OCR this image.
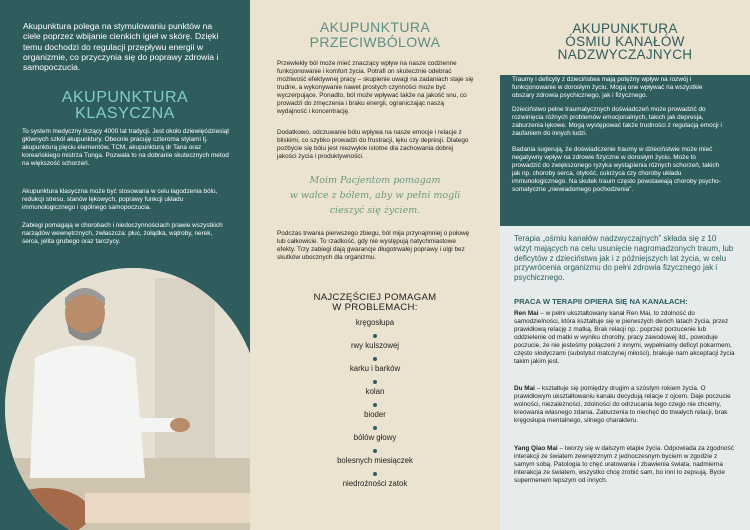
Akupunktura polega na stymulowaniu punktów na ciele poprzez wbijanie cienkich igieł w skórę. Dzięki temu dochodzi do regulacji przepływu energii w organizmie, co przyczynia się do poprawy zdrowia i samopoczucia.

AKUPUNKTURA
KLASYCZNA

To system medyczny liczący 4000 lat tradycji. Jest około dziewięćdziesiąt głównych szkół akupunktury. Obecnie pracuję czteroma stylami tj. akupunkturą pięciu elementów, TCM, akupunkturą dr Tana oraz koreańskiego mistrza Tunga. Pozwala to na dobranie skutecznych metod na większość schorzeń.

Akupunktura klasyczna może być stosowana w celu łagodzenia bólu, redukcji stresu, stanów lękowych, poprawy funkcji układu immunologicznego i ogólnego samopoczucia.

Zabiegi pomagają w chorobach i niedoczynnościach prawie wszystkich narządów wewnętrznych, zwłaszcza: płuc, żołądka, wątroby, nerek, serca, jelita grubego oraz tarczycy.

AKUPUNKTURA
PRZECIWBÓLOWA

Przewlekły ból może mieć znaczący wpływ na nasze codzienne funkcjonowanie i komfort życia. Potrafi on skutecznie odebrać możliwość efektywnej pracy – skupienie uwagi na zadaniach staje się trudne, a wykonywanie nawet prostych czynności może być wyczerpujące. Ponadto, ból może wpływać także na jakość snu, co prowadzi do zmęczenia i braku energii, ograniczając naszą wydajność i koncentrację.

Dodatkowo, odczuwanie bólu wpływa na nasze emocje i relacje z bliskimi, co szybko prowadzi do frustracji, lęku czy depresji. Dlatego pozbycie się bólu jest niezwykle istotne dla zachowania dobrej jakości życia i produktywności.

Moim Pacjentom pomagam
w walce z bólem, aby w pełni mogli
cieszyć się życiem.

Podczas trwania pierwszego zbiegu, ból mija przynajmniej o połowę lub całkowicie. To rzadkość, gdy nie występują natychmiastowe efekty. Trzy zabiegi dają gwarancje długotrwałej poprawy i ulgi bez skutków ubocznych dla organizmu.

NAJCZĘŚCIEJ POMAGAM
W PROBLEMACH:
kręgosłupa
rwy kulszowej
karku i barków
kolan
bioder
bólów głowy
bolesnych miesiączek
niedrożności zatok
AKUPUNKTURA
ÓSMIU KANAŁÓW
NADZWYCZAJNYCH

Traumy i deficyty z dzieciństwa mają potężny wpływ na rozwój i funkcjonowanie w dorosłym życiu. Mogą one wpływać na wszystkie obszary zdrowia psychicznego, jak i fizycznego.

Dzieciństwo pełne traumatycznych doświadczeń może prowadzić do rozwinięcia różnych problemów emocjonalnych, takich jak depresja, zaburzenia lękowe. Mogą występować także trudności z regulacją emocji i zaufaniem do innych ludzi.

Badania sugerują, że doświadczenie traumy w dzieciństwie może mieć negatywny wpływ na zdrowie fizyczne w dorosłym życiu. Może to prowadzić do zwiększonego ryzyka wystąpienia różnych schorzeń, takich jak np. choroby serca, otyłość, cukrzyca czy choroby układu immunologicznego. Na skutek traum często powstawiają choroby psycho-somatyczne „niewiadomego pochodzenia”.

Terapia „ośmiu kanałów nadzwyczajnych” składa się z 10 wizyt mających na celu usunięcie nagromadzonych traum, lub deficytów z dzieciństwa jak i z późniejszych lat życia, w celu przywrócenia organizmu do pełni zdrowia fizycznego jak i psychicznego.

PRACA W TERAPII OPIERA SIĘ NA KANAŁACH:

Ren Mai – w pełni ukształtowany kanał Ren Mai, to zdolność do samodzielności, która kształtuje się w pierwszych dwóch latach życia, przez prawidłową relację z matką. Brak relacji np.: poprzez porzucenie lub oddzielenie od matki w wyniku choroby, pracy zawodowej itd., powoduje poczucie, że nie jesteśmy połączeni z innymi, wypełniamy deficyt pokarmem, często słodyczami (substytut matczynej miłości), brakuje nam akceptacji życia takim jakim jest.

Du Mai – kształtuje się pomiędzy drugim a szóstym rokiem życia. O prawidłowym ukształtowaniu kanału decydują relacje z ojcem. Daje poczucie wolności, niezależności, zdolności do odrzucania tego czego nie chcemy, kreowania własnego zdania. Zaburzenia to niechęć do trwałych relacji, brak kręgosłupa mentalnego, silnego charakteru.

Yang Qiao Mai – tworzy się w dalszym etapie życia. Odpowiada za zgodność interakcji ze światem zewnętrznym z jednoczesnym byciem w zgodzie z samym sobą. Patologia to chęć uratowania i zbawienia świata, nadmierna interakcja ze światem, wszystko chcę zrobić sam, bo inni to zepsują. Bycie supermenem lepszym od innych.
